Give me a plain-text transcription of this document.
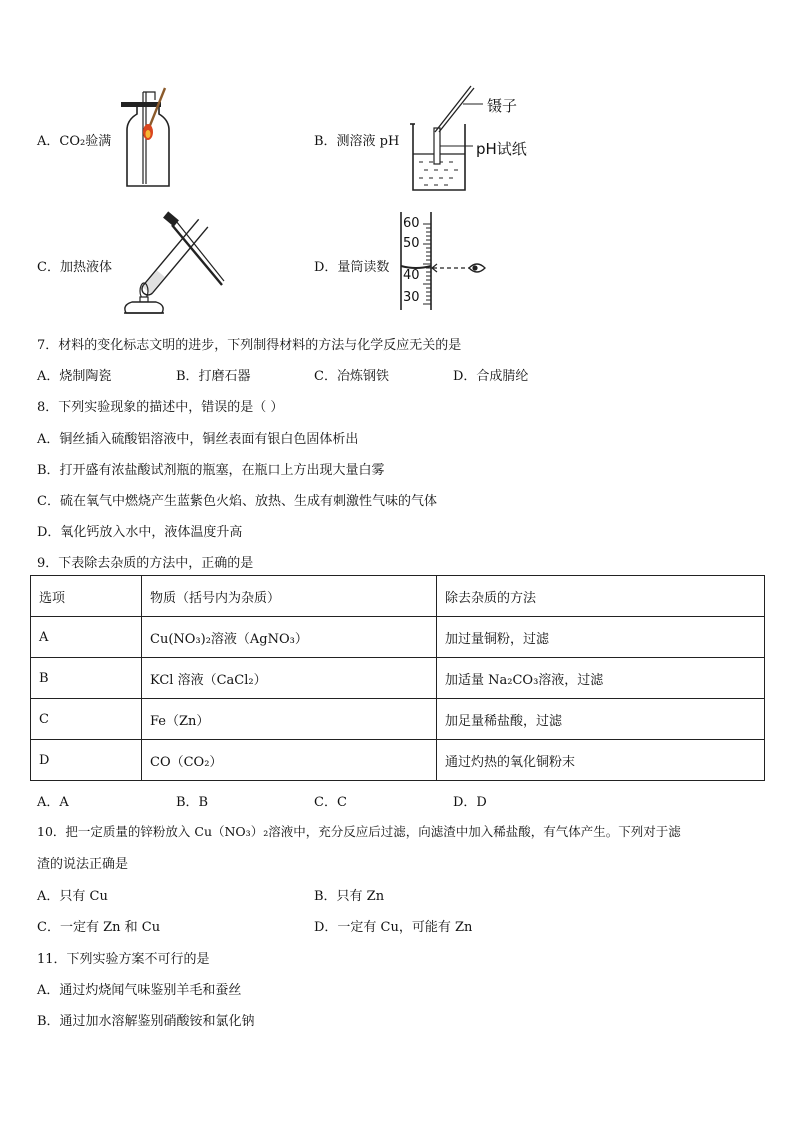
A．CO₂验满	B．测溶液 pH
镊子
pH试纸
C．加热液体	D．量筒读数
60
50
40
30
7．材料的变化标志文明的进步，下列制得材料的方法与化学反应无关的是
A．烧制陶瓷	B．打磨石器	C．冶炼钢铁	D．合成腈纶
8．下列实验现象的描述中，错误的是（ ）
A．铜丝插入硫酸铝溶液中，铜丝表面有银白色固体析出
B．打开盛有浓盐酸试剂瓶的瓶塞，在瓶口上方出现大量白雾
C．硫在氧气中燃烧产生蓝紫色火焰、放热、生成有刺激性气味的气体
D．氧化钙放入水中，液体温度升高
9．下表除去杂质的方法中，正确的是
选项	物质（括号内为杂质）	除去杂质的方法
A	Cu(NO₃)₂溶液（AgNO₃）	加过量铜粉，过滤
B	KCl 溶液（CaCl₂）	加适量 Na₂CO₃溶液，过滤
C	Fe（Zn）	加足量稀盐酸，过滤
D	CO（CO₂）	通过灼热的氧化铜粉末
A．A	B．B	C．C	D．D
10．把一定质量的锌粉放入 Cu（NO₃）₂溶液中，充分反应后过滤，向滤渣中加入稀盐酸，有气体产生。下列对于滤
渣的说法正确是
A．只有 Cu	B．只有 Zn
C．一定有 Zn 和 Cu	D．一定有 Cu，可能有 Zn
11．下列实验方案不可行的是
A．通过灼烧闻气味鉴别羊毛和蚕丝
B．通过加水溶解鉴别硝酸铵和氯化钠
